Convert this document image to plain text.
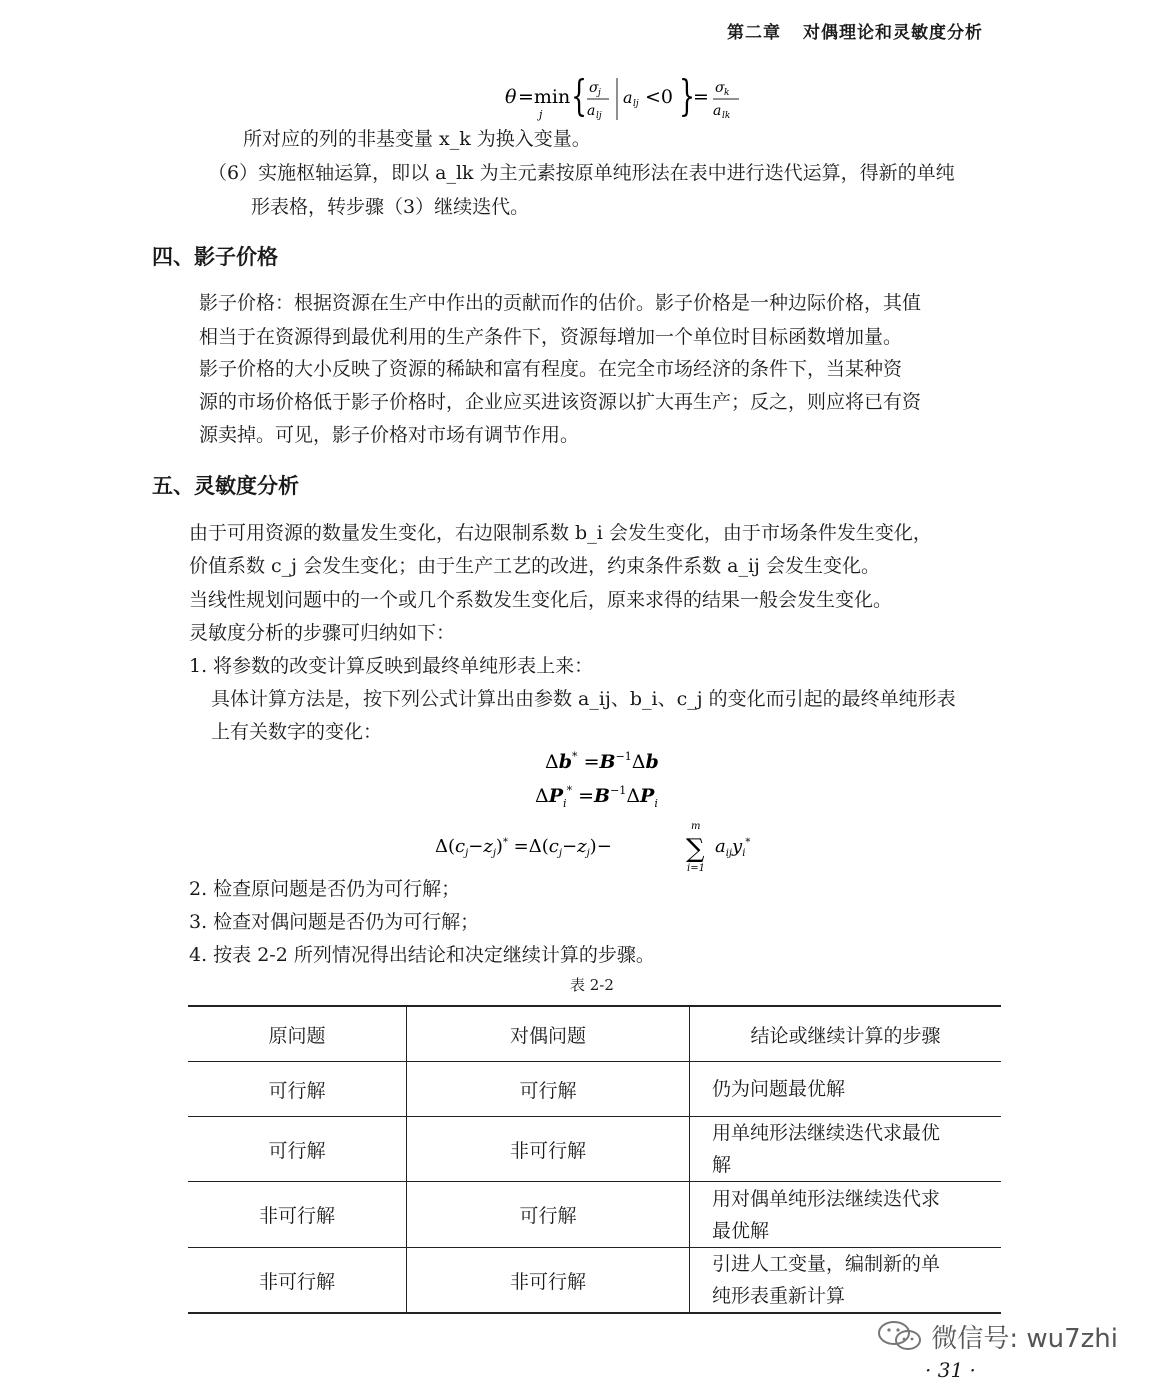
第二章 对偶理论和灵敏度分析
θ =min
j { σ j
a lj
a lj <0 }
= σ k
a lk
所对应的列的非基变量 x_k 为换入变量。
（6）实施枢轴运算，即以 a_lk 为主元素按原单纯形法在表中进行迭代运算，得新的单纯
形表格，转步骤（3）继续迭代。
四、影子价格
影子价格：根据资源在生产中作出的贡献而作的估价。影子价格是一种边际价格，其值
相当于在资源得到最优利用的生产条件下，资源每增加一个单位时目标函数增加量。
影子价格的大小反映了资源的稀缺和富有程度。在完全市场经济的条件下，当某种资
源的市场价格低于影子价格时，企业应买进该资源以扩大再生产；反之，则应将已有资
源卖掉。可见，影子价格对市场有调节作用。
五、灵敏度分析
由于可用资源的数量发生变化，右边限制系数 b_i 会发生变化，由于市场条件发生变化，
价值系数 c_j 会发生变化；由于生产工艺的改进，约束条件系数 a_ij 会发生变化。
当线性规划问题中的一个或几个系数发生变化后，原来求得的结果一般会发生变化。
灵敏度分析的步骤可归纳如下：
1. 将参数的改变计算反映到最终单纯形表上来：
具体计算方法是，按下列公式计算出由参数 a_ij、b_i、c_j 的变化而引起的最终单纯形表
上有关数字的变化：
$\Delta b^* =B^{-1}\Delta b$
$\Delta P_i^* =B^{-1}\Delta P_i$
$\Delta(c_j-z_j)^* =\Delta(c_j-z_j)-$
m
∑
i=1
$a_{ij}y_i^*$
2. 检查原问题是否仍为可行解；
3. 检查对偶问题是否仍为可行解；
4. 按表 2-2 所列情况得出结论和决定继续计算的步骤。
表 2-2
原问题	对偶问题	结论或继续计算的步骤
可行解	可行解	仍为问题最优解

可行解	非可行解	用单纯形法继续迭代求最优
解

非可行解	可行解	用对偶单纯形法继续迭代求
最优解

非可行解	非可行解	引进人工变量，编制新的单
纯形表重新计算
微信号: wu7zhi
· 31 ·
